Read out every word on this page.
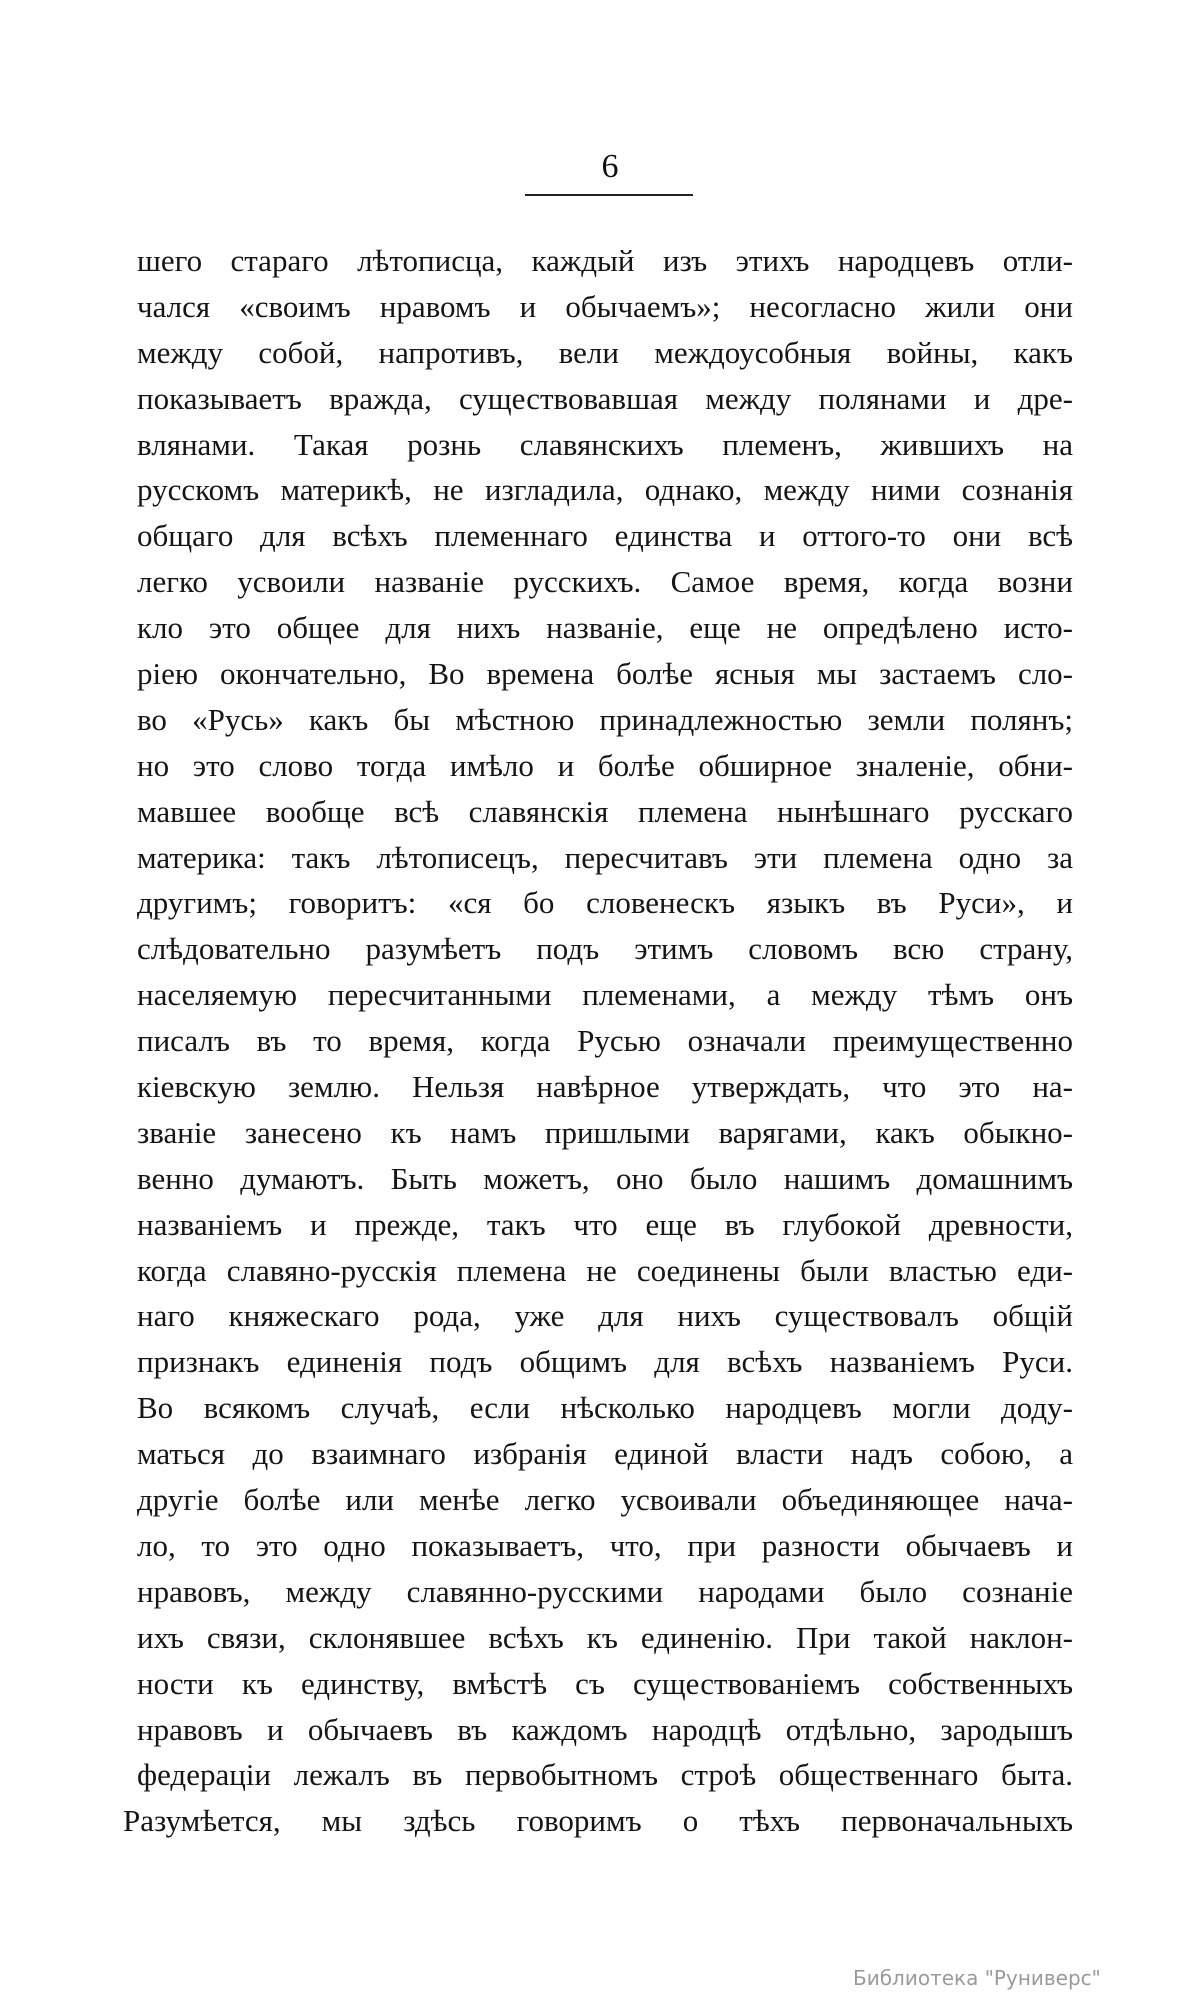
6
шего стараго лѣтописца, каждый изъ этихъ народцевъ отли-
чался «своимъ нравомъ и обычаемъ»; несогласно жили они
между собой, напротивъ, вели междоусобныя войны, какъ
показываетъ вражда, существовавшая между полянами и дре-
влянами. Такая рознь славянскихъ племенъ, жившихъ на
русскомъ материкѣ, не изгладила, однако, между ними сознанія
общаго для всѣхъ племеннаго единства и оттого-то они всѣ
легко усвоили названіе русскихъ. Самое время, когда возни
кло это общее для нихъ названіе, еще не опредѣлено исто-
ріею окончательно, Во времена болѣе ясныя мы застаемъ сло-
во «Русь» какъ бы мѣстною принадлежностью земли полянъ;
но это слово тогда имѣло и болѣе обширное зналеніе, обни-
мавшее вообще всѣ славянскія племена нынѣшнаго русскаго
материка: такъ лѣтописецъ, пересчитавъ эти племена одно за
другимъ; говоритъ: «ся бо словенескъ языкъ въ Руси», и
слѣдовательно разумѣетъ подъ этимъ словомъ всю страну,
населяемую пересчитанными племенами, а между тѣмъ онъ
писалъ въ то время, когда Русью означали преимущественно
кіевскую землю. Нельзя навѣрное утверждать, что это на-
званіе занесено къ намъ пришлыми варягами, какъ обыкно-
венно думаютъ. Быть можетъ, оно было нашимъ домашнимъ
названіемъ и прежде, такъ что еще въ глубокой древности,
когда славяно-русскія племена не соединены были властью еди-
наго княжескаго рода, уже для нихъ существовалъ общій
признакъ единенія подъ общимъ для всѣхъ названіемъ Руси.
Во всякомъ случаѣ, если нѣсколько народцевъ могли доду-
маться до взаимнаго избранія единой власти надъ собою, а
другіе болѣе или менѣе легко усвоивали объединяющее нача-
ло, то это одно показываетъ, что, при разности обычаевъ и
нравовъ, между славянно-русскими народами было сознаніе
ихъ связи, склонявшее всѣхъ къ единенію. При такой наклон-
ности къ единству, вмѣстѣ съ существованіемъ собственныхъ
нравовъ и обычаевъ въ каждомъ народцѣ отдѣльно, зародышъ
федераціи лежалъ въ первобытномъ строѣ общественнаго быта.
Разумѣется, мы здѣсь говоримъ о тѣхъ первоначальныхъ
Библиотека "Руниверс"
